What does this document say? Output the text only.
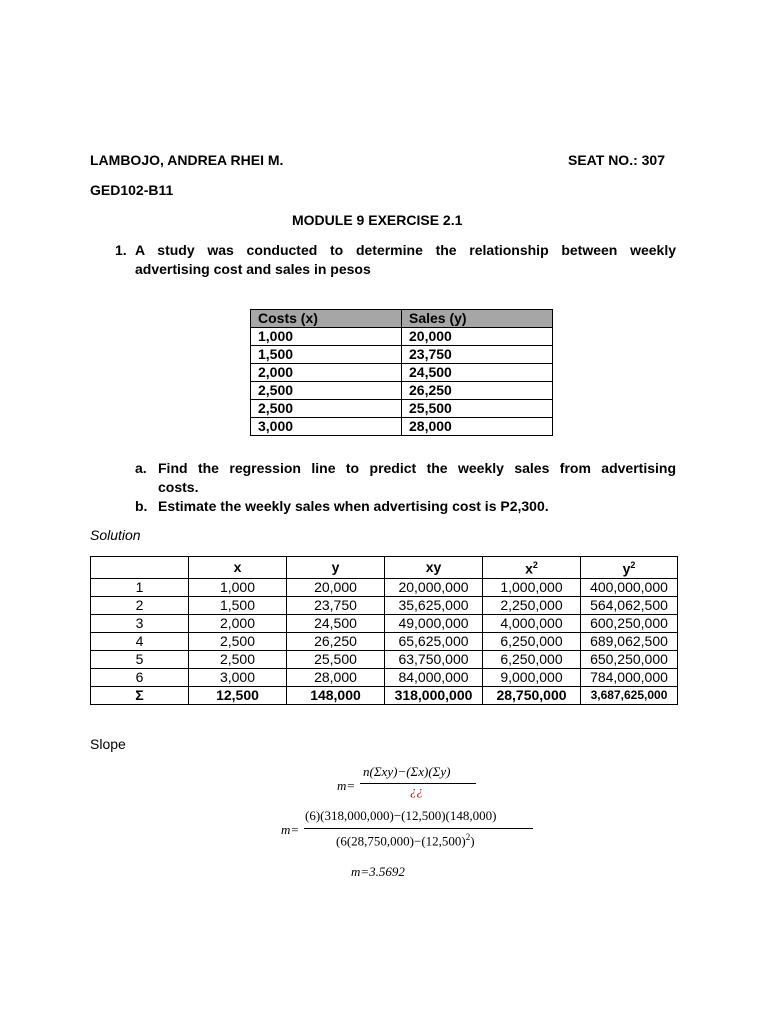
LAMBOJO, ANDREA RHEI M.	SEAT NO.: 307
GED102-B11
MODULE 9 EXERCISE 2.1
1. A study was conducted to determine the relationship between weekly
advertising cost and sales in pesos
Costs (x)	Sales (y)
1,000	20,000
1,500	23,750
2,000	24,500
2,500	26,250
2,500	25,500
3,000	28,000
a. Find the regression line to predict the weekly sales from advertising
costs.
b. Estimate the weekly sales when advertising cost is P2,300.
Solution
	x	y	xy	$x^2$	$y^2$
1	1,000	20,000	20,000,000	1,000,000	400,000,000
2	1,500	23,750	35,625,000	2,250,000	564,062,500
3	2,000	24,500	49,000,000	4,000,000	600,250,000
4	2,500	26,250	65,625,000	6,250,000	689,062,500
5	2,500	25,500	63,750,000	6,250,000	650,250,000
6	3,000	28,000	84,000,000	9,000,000	784,000,000
Σ	12,500	148,000	318,000,000	28,750,000	3,687,625,000
Slope
m=
n(Σxy)−(Σx)(Σy)
¿¿
m=
(6)(318,000,000)−(12,500)(148,000)
$(6(28,750,000)-(12,500)^2)$
m=3.5692
